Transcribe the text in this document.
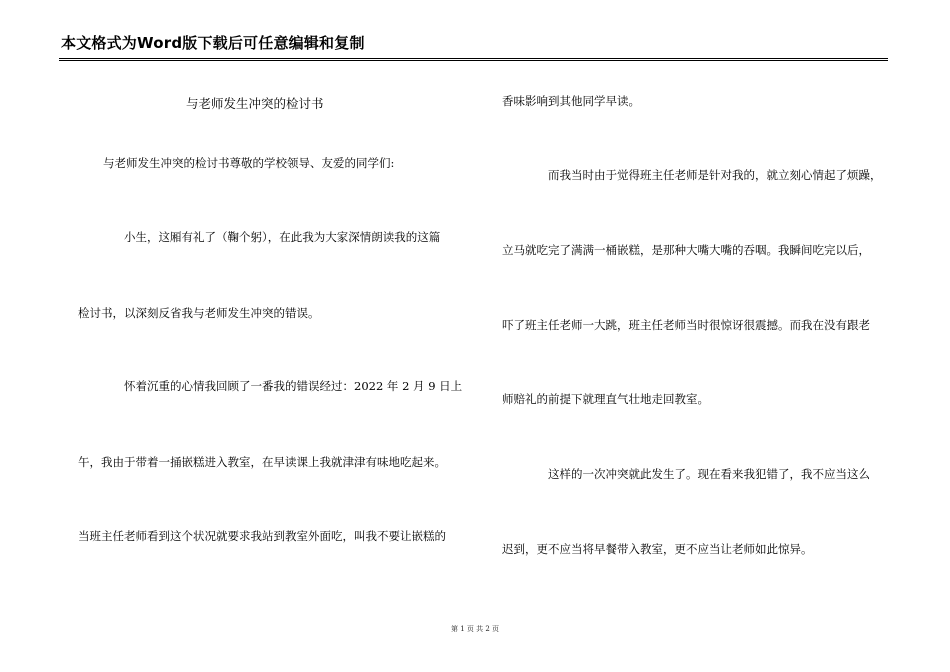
本文格式为Word版下载后可任意编辑和复制
与老师发生冲突的检讨书
与老师发生冲突的检讨书尊敬的学校领导、友爱的同学们:
小生，这厢有礼了（鞠个躬），在此我为大家深情朗读我的这篇
检讨书，以深刻反省我与老师发生冲突的错误。
怀着沉重的心情我回顾了一番我的错误经过：2022 年 2 月 9 日上
午，我由于带着一捅嵌糕进入教室，在早读课上我就津津有味地吃起来。
当班主任老师看到这个状况就要求我站到教室外面吃，叫我不要让嵌糕的
香味影响到其他同学早读。
而我当时由于觉得班主任老师是针对我的，就立刻心情起了烦躁，
立马就吃完了满满一桶嵌糕，是那种大嘴大嘴的吞咽。我瞬间吃完以后，
吓了班主任老师一大跳，班主任老师当时很惊讶很震撼。而我在没有跟老
师赔礼的前提下就理直气壮地走回教室。
这样的一次冲突就此发生了。现在看来我犯错了，我不应当这么
迟到，更不应当将早餐带入教室，更不应当让老师如此惊异。
第 1 页 共 2 页
